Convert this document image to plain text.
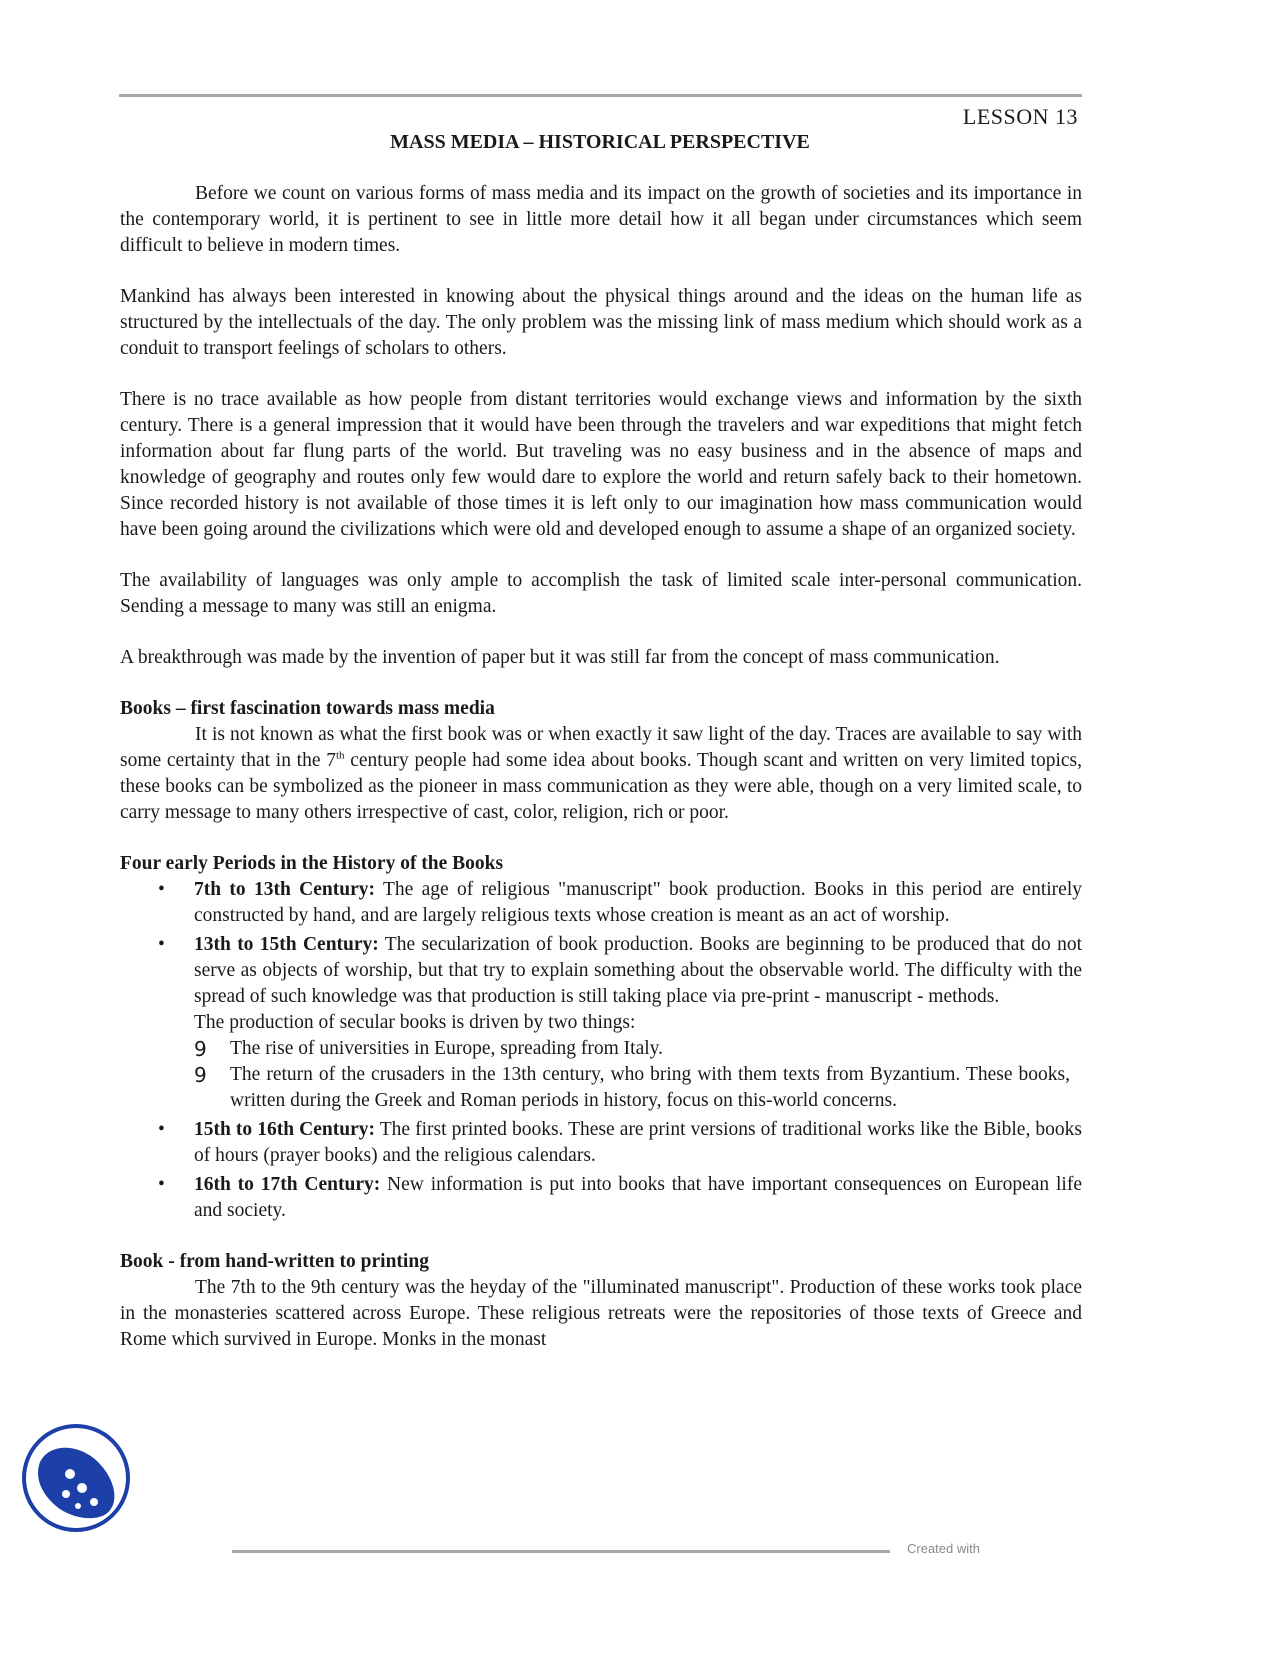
LESSON 13
MASS MEDIA – HISTORICAL PERSPECTIVE

Before we count on various forms of mass media and its impact on the growth of societies and its importance in the contemporary world, it is pertinent to see in little more detail how it all began under circumstances which seem difficult to believe in modern times.

Mankind has always been interested in knowing about the physical things around and the ideas on the human life as structured by the intellectuals of the day. The only problem was the missing link of mass medium which should work as a conduit to transport feelings of scholars to others.

There is no trace available as how people from distant territories would exchange views and information by the sixth century. There is a general impression that it would have been through the travelers and war expeditions that might fetch information about far flung parts of the world. But traveling was no easy business and in the absence of maps and knowledge of geography and routes only few would dare to explore the world and return safely back to their hometown. Since recorded history is not available of those times it is left only to our imagination how mass communication would have been going around the civilizations which were old and developed enough to assume a shape of an organized society.

The availability of languages was only ample to accomplish the task of limited scale inter-personal communication. Sending a message to many was still an enigma.

A breakthrough was made by the invention of paper but it was still far from the concept of mass communication.

Books – first fascination towards mass media

It is not known as what the first book was or when exactly it saw light of the day. Traces are available to say with some certainty that in the 7th century people had some idea about books. Though scant and written on very limited topics, these books can be symbolized as the pioneer in mass communication as they were able, though on a very limited scale, to carry message to many others irrespective of cast, color, religion, rich or poor.

Four early Periods in the History of the Books
• 7th to 13th Century: The age of religious "manuscript" book production. Books in this period are entirely constructed by hand, and are largely religious texts whose creation is meant as an act of worship.
• 13th to 15th Century: The secularization of book production. Books are beginning to be produced that do not serve as objects of worship, but that try to explain something about the observable world. The difficulty with the spread of such knowledge was that production is still taking place via pre-print - manuscript - methods.
The production of secular books is driven by two things:
9 The rise of universities in Europe, spreading from Italy.
9 The return of the crusaders in the 13th century, who bring with them texts from Byzantium. These books, written during the Greek and Roman periods in history, focus on this-world concerns.
• 15th to 16th Century: The first printed books. These are print versions of traditional works like the Bible, books of hours (prayer books) and the religious calendars.
• 16th to 17th Century: New information is put into books that have important consequences on European life and society.
Book - from hand-written to printing

The 7th to the 9th century was the heyday of the "illuminated manuscript". Production of these works took place in the monasteries scattered across Europe. These religious retreats were the repositories of those texts of Greece and Rome which survived in Europe. Monks in the monast

Created with
